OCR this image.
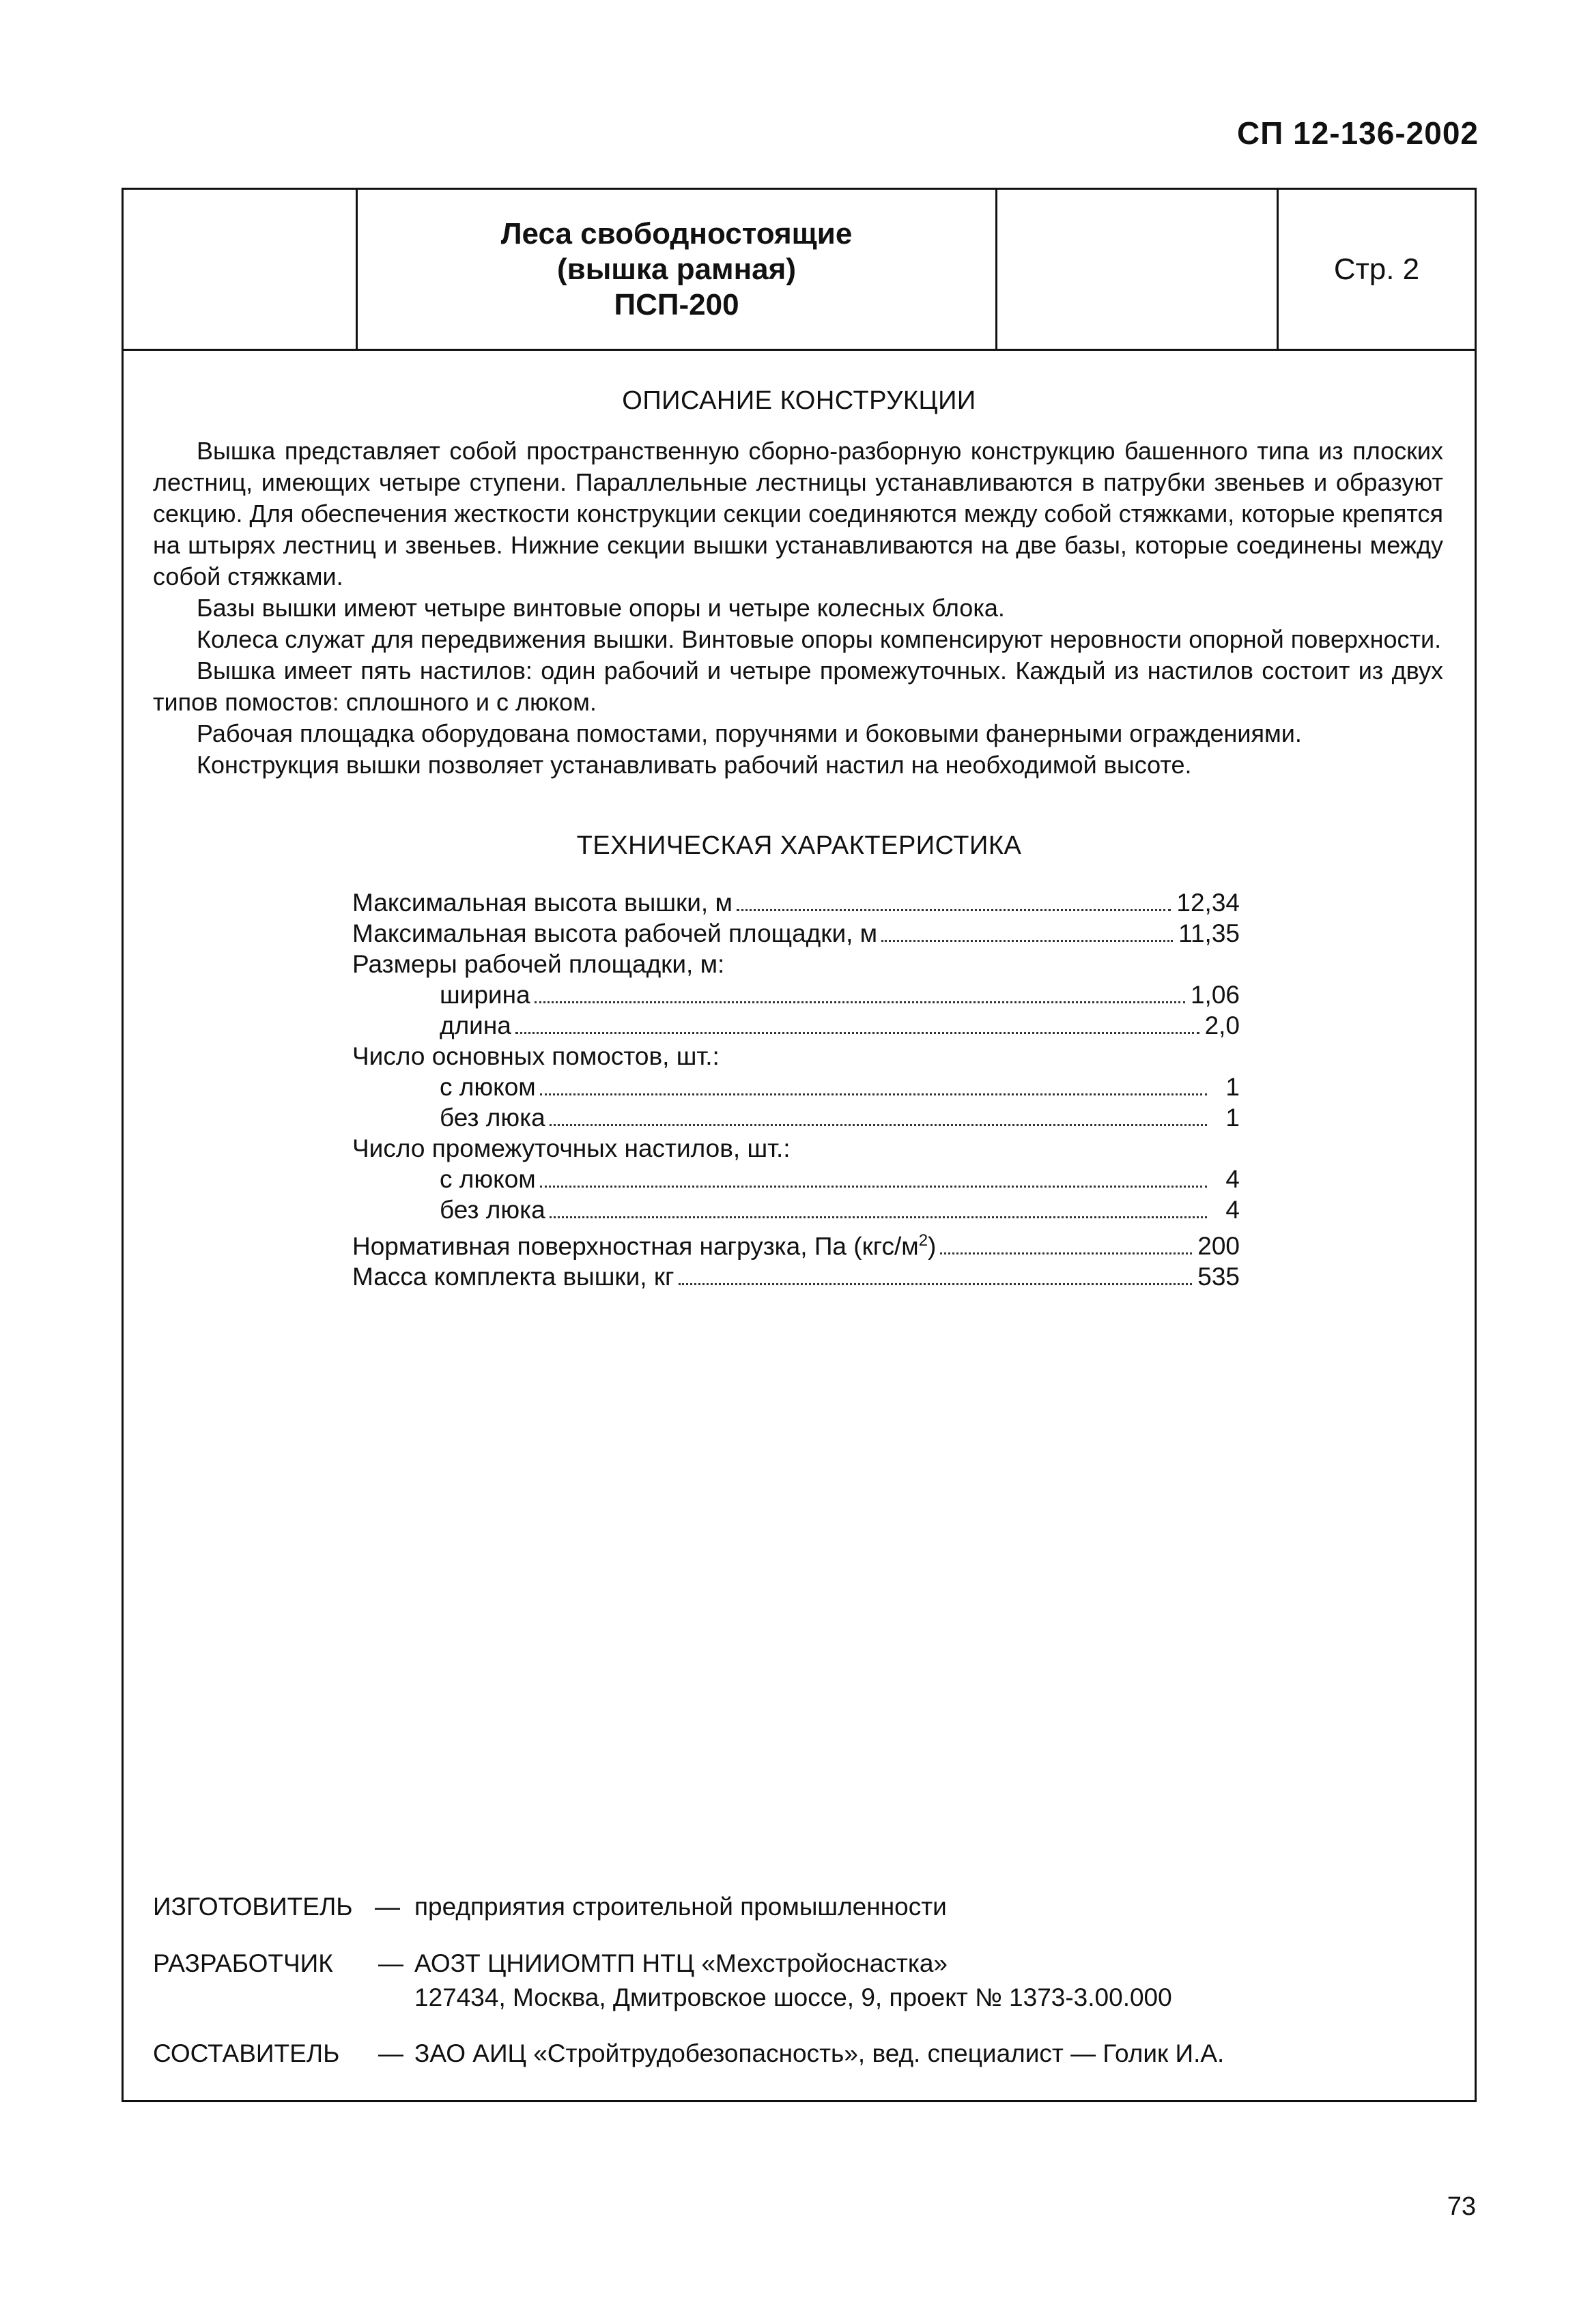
СП 12-136-2002
Леса свободностоящие
(вышка рамная)
ПСП-200
Стр. 2
ОПИСАНИЕ КОНСТРУКЦИИ

Вышка представляет собой пространственную сборно-разборную конструкцию башенного типа из плоских лестниц, имеющих четыре ступени. Параллельные лестницы устанавливаются в патрубки звеньев и образуют секцию. Для обеспечения жесткости конструкции секции соединяются между собой стяжками, которые крепятся на штырях лестниц и звеньев. Нижние секции вышки устанавливаются на две базы, которые соединены между собой стяжками.

Базы вышки имеют четыре винтовые опоры и четыре колесных блока.

Колеса служат для передвижения вышки. Винтовые опоры компенсируют неровности опорной поверхности.

Вышка имеет пять настилов: один рабочий и четыре промежуточных. Каждый из настилов состоит из двух типов помостов: сплошного и с люком.

Рабочая площадка оборудована помостами, поручнями и боковыми фанерными ограждениями.

Конструкция вышки позволяет устанавливать рабочий настил на необходимой высоте.

ТЕХНИЧЕСКАЯ ХАРАКТЕРИСТИКА
Максимальная высота вышки, м	12,34
Максимальная высота рабочей площадки, м	11,35
Размеры рабочей площадки, м:
ширина	1,06
длина	2,0
Число основных помостов, шт.:
с люком	1
без люка	1
Число промежуточных настилов, шт.:
с люком	4
без люка	4
Нормативная поверхностная нагрузка, Па $(кгс/м^2)$	200
Масса комплекта вышки, кг	535
ИЗГОТОВИТЕЛЬ — предприятия строительной промышленности
РАЗРАБОТЧИК — АОЗТ ЦНИИОМТП НТЦ «Мехстройоснастка»
127434, Москва, Дмитровское шоссе, 9, проект № 1373-3.00.000
СОСТАВИТЕЛЬ — ЗАО АИЦ «Стройтрудобезопасность», вед. специалист — Голик И.А.
73
